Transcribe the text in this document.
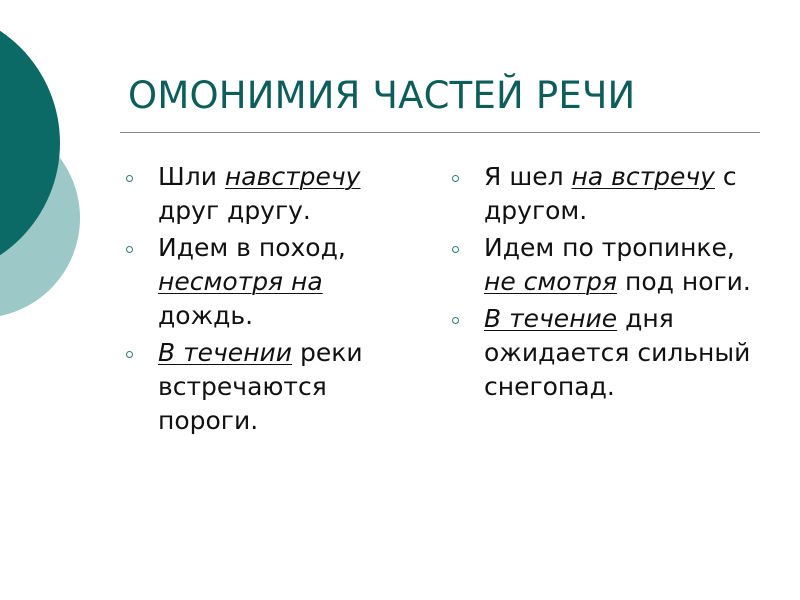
ОМОНИМИЯ ЧАСТЕЙ РЕЧИ
Шли навстречу друг другу.
Идем в поход, несмотря на дождь.
В течении реки встречаются пороги.
Я шел на встречу с другом.
Идем по тропинке, не смотря под ноги.
В течение дня ожидается сильный снегопад.
